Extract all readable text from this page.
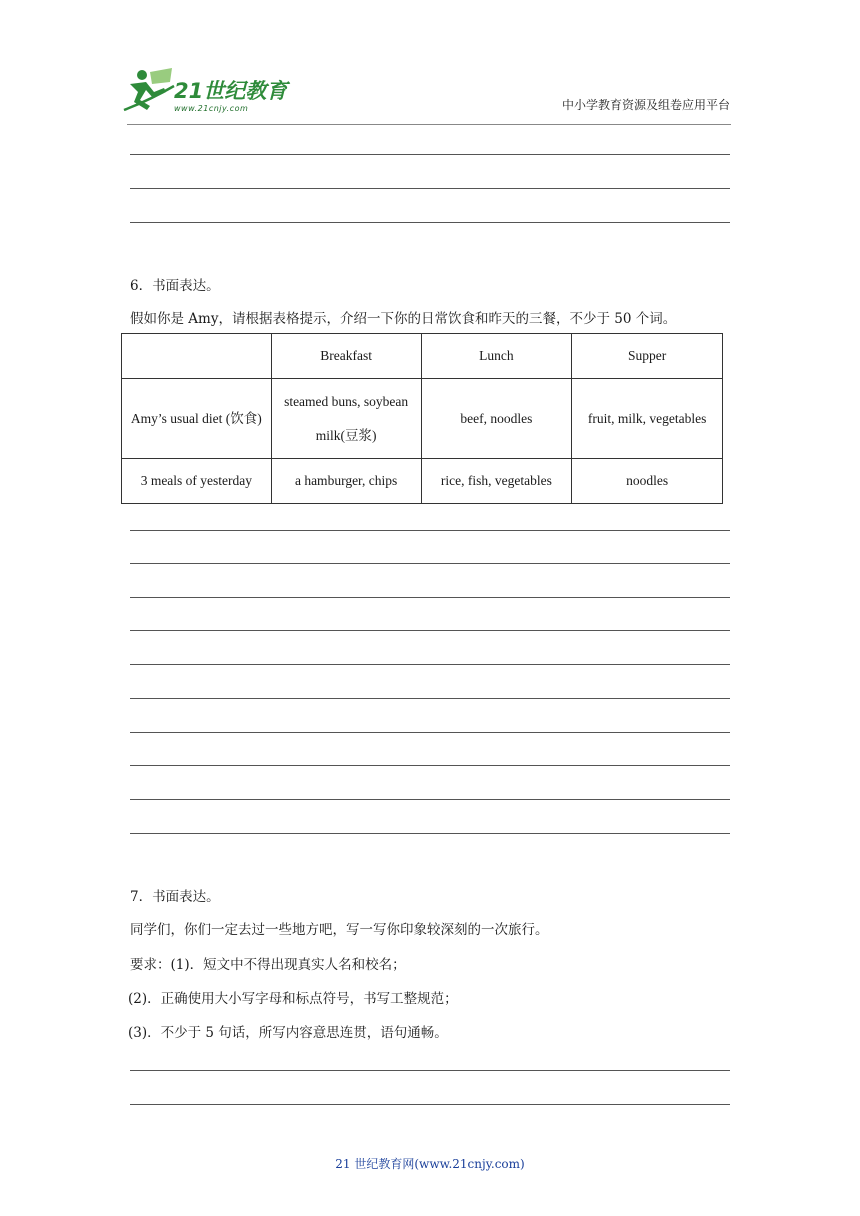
21世纪教育
www.21cnjy.com	中小学教育资源及组卷应用平台
6．书面表达。
假如你是 Amy，请根据表格提示，介绍一下你的日常饮食和昨天的三餐，不少于 50 个词。
	Breakfast	Lunch	Supper
Amy’s usual diet (饮食)	steamed buns, soybean milk(豆浆)	beef, noodles	fruit, milk, vegetables
3 meals of yesterday	a hamburger, chips	rice, fish, vegetables	noodles
7．书面表达。
同学们，你们一定去过一些地方吧，写一写你印象较深刻的一次旅行。
要求：(1)．短文中不得出现真实人名和校名；
(2)．正确使用大小写字母和标点符号，书写工整规范；
(3)．不少于 5 句话，所写内容意思连贯，语句通畅。
21 世纪教育网(www.21cnjy.com)
